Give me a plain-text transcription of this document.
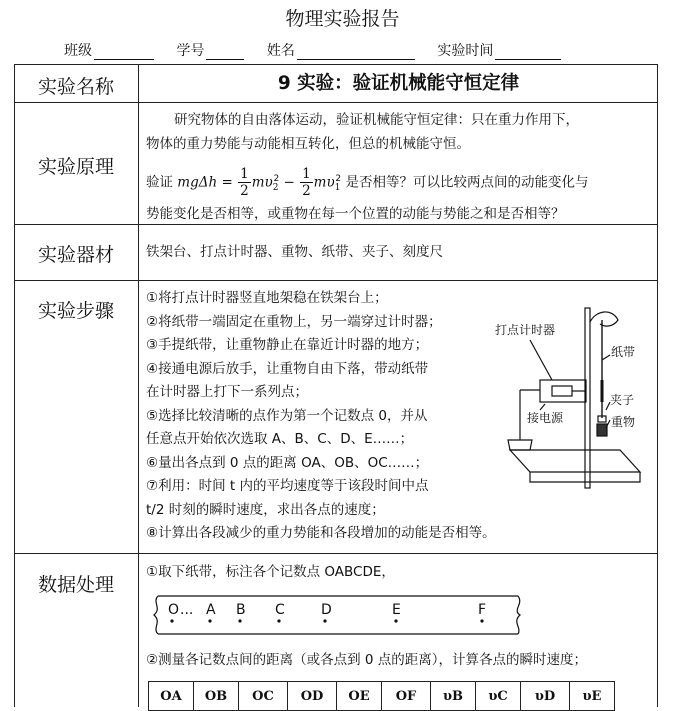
物理实验报告
班级	学号	姓名	实验时间
实验名称	9 实验：验证机械能守恒定律
实验原理
研究物体的自由落体运动，验证机械能守恒定律：只在重力作用下，
物体的重力势能与动能相互转化，但总的机械能守恒。
验证 $mg\Delta h = \frac{1}{2} m\upsilon_2^2 - \frac{1}{2} m\upsilon_1^2$ 是否相等？可以比较两点间的动能变化与
势能变化是否相等，或重物在每一个位置的动能与势能之和是否相等？
实验器材	铁架台、打点计时器、重物、纸带、夹子、刻度尺
实验步骤
①将打点计时器竖直地架稳在铁架台上；
②将纸带一端固定在重物上，另一端穿过计时器；
③手提纸带，让重物静止在靠近计时器的地方；
④接通电源后放手，让重物自由下落，带动纸带
在计时器上打下一系列点；
⑤选择比较清晰的点作为第一个记数点 0，并从
任意点开始依次选取 A、B、C、D、E……；
⑥量出各点到 0 点的距离 OA、OB、OC……；
⑦利用：时间 t 内的平均速度等于该段时间中点
t/2 时刻的瞬时速度，求出各点的速度；
⑧计算出各段减少的重力势能和各段增加的动能是否相等。
打点计时器
纸带
接电源
夹子
重物
数据处理
①取下纸带，标注各个记数点 OABCDE，
O ... A B C	D	E	F
②测量各记数点间的距离（或各点到 0 点的距离），计算各点的瞬时速度；
OA	OB	OC	OD	OE	OF	υB	υC	υD	υE
